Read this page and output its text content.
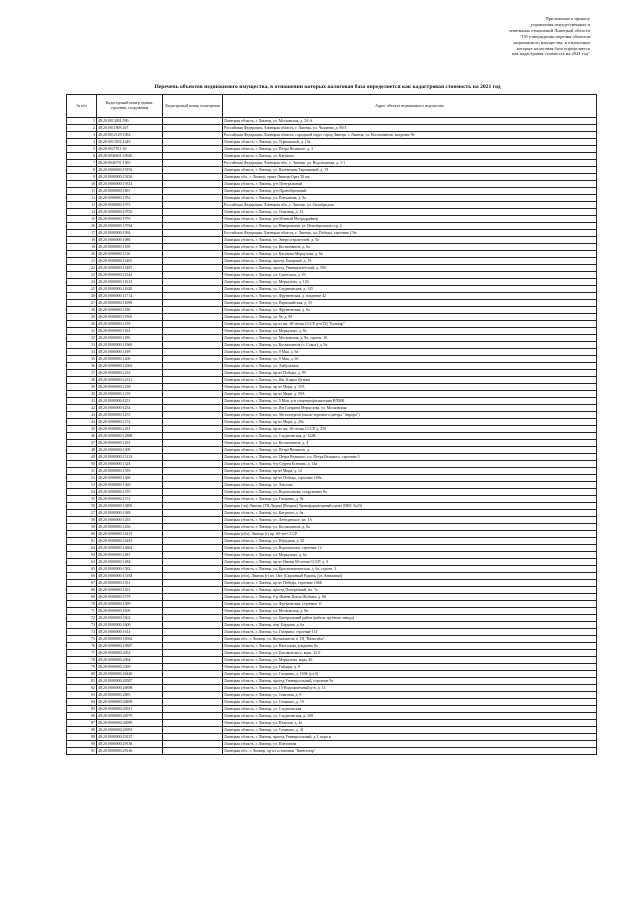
Приложение к приказу
управления имущественных и
земельных отношений Липецкой области
"Об утверждении перечня объектов
недвижимого имущества, в отношении
которых налоговая база определяется
как кадастровая стоимость на 2021 год"
Перечень объектов недвижимого имущества, в отношении которых налоговая база определяется как кадастровая стоимость на 2021 год
№ п/п	Кадастровый номер здания, строения, сооружения	Кадастровый номер помещения	Адрес объекта недвижимого имущества
1	48:20:0013001:590		Липецкая область, г. Липецк, ул. Московская, д. 54-А
2	48:20:0011808:267		Российская Федерация, Липецкая область, г. Липецк, ул. Чаадаева, д. 69/3
3	48:20:0012129:1062		Российская Федерация, Липецкая область, городской округ город Липецк, г. Липецк, ул. Космонавтов, владение 56
4	48:20:0013501:1449		Липецкая область, г. Липецк, ул. Терешковой, д. 13а
5	48:20:0027811:38		Липецкая область, г. Липецк, ул. Петра Великого, д. 3
6	48:20:0046601:10940		Липецкая область, г. Липецк, ул. Катукова
7	48:20:0046701:1565		Российская Федерация, Липецкая обл., г. Липецк, ул. Водопьянова, д. 1/1
8	48:20:0000000:19192		Липецкая область, г. Липецк, ул. Валентины Терешковой, д. 19
9	48:20:0000000:19256		Липецкая обл., г. Липецк, тракт Липецк-Орел 30 км
10	48:20:0000000:19314		Липецкая область, г. Липецк, р-н Центральный
11	48:20:0000000:1867		Липецкая область, г. Липецк, р-н Правобережный
12	48:20:0000000:1952		Липецкая область, г. Липецк, ул. Плеханова, д. 8а
13	48:20:0000000:1975		Российская Федерация, Липецкая обл., г. Липецк, ул. Октябрьская
14	48:20:0000000:19755		Липецкая область, г. Липецк, ул. Опытная, д. 14
15	48:20:0000000:1976		Липецкая область, г. Липецк, р-н Южный Мотрадрайвер
16	48:20:0000000:19764		Липецкая область, г. Липецк, ул. Неверовская, ул. Новобережная стр. 2
17	48:20:0000000:1994		Российская Федерация, Липецкая область, г. Липецк, пл. Победы, строение 1/6а
18	48:20:0000000:1086		Липецкая область, г. Липецк, ул. Энергостроителей, д. 5а
19	48:20:0000000:1109		Липецкая область, г. Липецк, ул. Космонавтов, д. 6а
20	48:20:0000000:1116		Липецкая область, г. Липецк, ул. Катукова-Меркулова, д. 6в
21	48:20:0000000:11465		Липецкая область, г. Липецк, проезд Товарный, д. 19
22	48:20:0000000:11487		Липецкая область, г. Липецк, проезд Университетский, д. 59б
23	48:20:0000000:11542		Липецкая область, г. Липецк, ул. Советская, д. 29
24	48:20:0000000:11613		Липецкая область, г. Липецк, ул. Меркулова, д. 12б
25	48:20:0000000:11620		Липецкая область, г. Липецк, ул. Студеновская, д. 125
26	48:20:0000000:11714		Липецкая область, г. Липецк, ул. Фрунзенская, д. владение 42
27	48:20:0000000:11098		Липецкая область, г. Липецк, ул. Первомайская, д. 55
28	48:20:0000000:1180		Липецкая область, г. Липецк, ул. Фрунзенская, д. 6а
29	48:20:0000000:11965		Липецкая область, г. Липецк, ул. 8е, д. 89
30	48:20:0000000:1159		Липецкая область, г. Липецк, пр-кт им. 60-летия СССР, р-н ТЦ "Бульвар"
31	48:20:0000000:1164		Липецкая область, г. Липецк, ул. Меркулова, д. 8а
32	48:20:0000000:1186		Липецкая область, г. Липецк, ул. Московская, д. 8а, строен. 10
33	48:20:0000000:11969		Липецкая область, г. Липецк, ул. Космонавтов (с. Сокол), д. 9а
34	48:20:0000000:1199		Липецкая область, г. Липецк, ул. 9 Мая, д. 6а
35	48:20:0000000:1200		Липецкая область, г. Липецк, ул. 9 Мая, д. 6б
36	48:20:0000000:12062		Липецкая область, г. Липецк, ул. Амбулатная
37	48:20:0000000:1233		Липецкая область, г. Липецк, пр-кт Победы, д. 89
38	48:20:0000000:12311		Липецкая область, г. Липецк, ул. Им. Клары Цеткин
39	48:20:0000000:1238		Липецкая область, г. Липецк, пр-кт Мира, д. 35А
40	48:20:0000000:1239		Липецкая область, г. Липецк, пр-кт Мира, д. 39А
41	48:20:0000000:1251		Липецкая область, г. Липецк, ул. 5 Мая, р-н спортпрофилактория НЛМК
42	48:20:0000000:1254		Липецкая область, г. Липецк, ул. Им Гагарина Меркулова, ул. Московская
43	48:20:0000000:1255		Липецкая область, г. Липецк, пл. Металлургов (около торгового центра "Аврора")
44	48:20:0000000:1274		Липецкая область, г. Липецк, пр-кт Мира, д. 29а
45	48:20:0000000:1281		Липецкая область, г. Липецк, пр-кт им. 60-летия СССР, д. 25б
46	48:20:0000000:12888		Липецкая область, г. Липецк, ул. Студеновская, д. 122В
47	48:20:0000000:1291		Липецкая область, г. Липецк, ул. Космонавтов, д. 4
48	48:20:0000000:1309		Липецкая область, г. Липецк, ул. Петра Великого, д.
49	48:20:0000000:13133		Липецкая область, г. Липецк, пл. Петра Великого, пл. Петра Великого, строение 5
50	48:20:0000000:1324		Липецкая область, г. Липецк, б-р Сергея Есенина, д. 14а
51	48:20:0000000:1359		Липецкая область, г. Липецк, пр-кт Мира, д. 12
52	48:20:0000000:1368		Липецкая область, г. Липецк, пр-кт Победы, строение 108а
53	48:20:0000000:1369		Липецкая область, г. Липецк, ул. Аносова
54	48:20:0000000:1370		Липецкая область, г. Липецк, ул. Водопьянова, сооружение 8а
55	48:20:0000000:1372		Липецкая область, г. Липецк, ул. Гагарина, д. 8а
56	48:20:0000000:13895		Липецкая (-ая) Липецк (ТЦ Лидер) (Вторые) Трансформаторный пункт (ВНС №23)
57	48:20:0000000:1389		Липецкая область, г. Липецк, ул. Катукова, д. 6а
58	48:20:0000000:1435		Липецкая область, г. Липецк, ул. Лебедянское, кв. 1А
59	48:20:0000000:1436		Липецкая область, г. Липецк, ул. Космонавтов, д. 8а
60	48:20:0000000:14419		Липецкая (обл), Липецк (г) пр. 60-лет СССР
61	48:20:0000000:14443		Липецкая область, г. Липецк, ул. Нерудная, д. 65
62	48:20:0000000:14682		Липецкая область, г. Липецк, ул. Ворошилова, строение 12
63	48:20:0000000:1481		Липецкая область, г. Липецк, ул. Меркулова, д. 6а
64	48:20:0000000:1484		Липецкая область, г. Липецк, пр-кт Имени 60-летия СССР, д. 4
65	48:20:0000000:1582		Липецкая область, г. Липецк, ул. Краснознаменская, д. 6а, строен. 3
66	48:20:0000000:15183		Липецкая (обл), Липецк (г) пл. Окт. (Скромный Родина, (ул. Книжная))
67	48:20:0000000:1551		Липецкая область, г. Липецк, пр-кт Победы, строение 106Б
68	48:20:0000000:1561		Липецкая область, г. Липецк, проезд Поперечный, вл. 7а
69	48:20:0000000:1578		Липецкая область, г. Липецк, б-р Имени Павла Шубина, д. 86
70	48:20:0000000:1599		Липецкая область, г. Липецк, ул. Фрунзенская, строение 11
71	48:20:0000000:1600		Липецкая область, г. Липецк, ул. Московская, д. 8в
72	48:20:0000000:1602		Липецкая область, г. Липецк, ул. Центральный район (кабель трубного завода)
73	48:20:0000000:1606		Липецкая область, г. Липецк, пер. Бардина, д. 6а
74	48:20:0000000:1614		Липецкая область, г. Липецк, ул. Гагарина, строение 114
75	48:20:0000000:16962		Липецкая обл., г. Липецк, ул. Космонавтов, в ТЦ "Вальтэйм"
76	48:20:0000000:19887		Липецкая область, г. Липецк, ул. Настолова, владение 8а
77	48:20:0000000:2052		Липецкая область, г. Липецк, ул. Циолковского, корп. 22 Б
78	48:20:0000000:2064		Липецкая область, г. Липецк, ул. Меркулова, корп. 46
79	48:20:0000000:2369		Липецкая область, г. Липецк, ул. Гайдара, д. 8
80	48:20:0000000:26446		Липецкая область, г. Липецк, ул. Гагарина, д. 169Б (ул.3)
81	48:20:0000000:26587		Липецкая область, г. Липецк, проезд Универсальный, строение 9а
82	48:20:0000000:26898		Липецкая область, г. Липецк, ул. 15-Водоприёмный р-н, д. 13
83	48:20:0000000:2685		Липецкая область, г. Липецк, ул. Опытная, д. 8
84	48:20:0000000:26898		Липецкая область, г. Липецк, ул. Семашко, д. 19
85	48:20:0000000:26921		Липецкая область, г. Липецк, ул. Студеновская
86	48:20:0000000:26979		Липецкая область, г. Липецк, ул. Студеновская, д. 109
87	48:20:0000000:26989		Липецкая область, г. Липецк, ул. Пальчов, д. 4а
88	48:20:0000000:26993		Липецкая область, г. Липецк, ул. Семашко, д. 41
89	48:20:0000000:29137		Липецкая область, г. Липецк, проезд Универсальный, д.1, корп.в
90	48:20:0000000:29138		Липецкая область, г. Липецк, ул. Плеханова
91	48:20:0000000:29146		Липецкая обл., г. Липецк, пр-кт остановки "Кинотеатр"
